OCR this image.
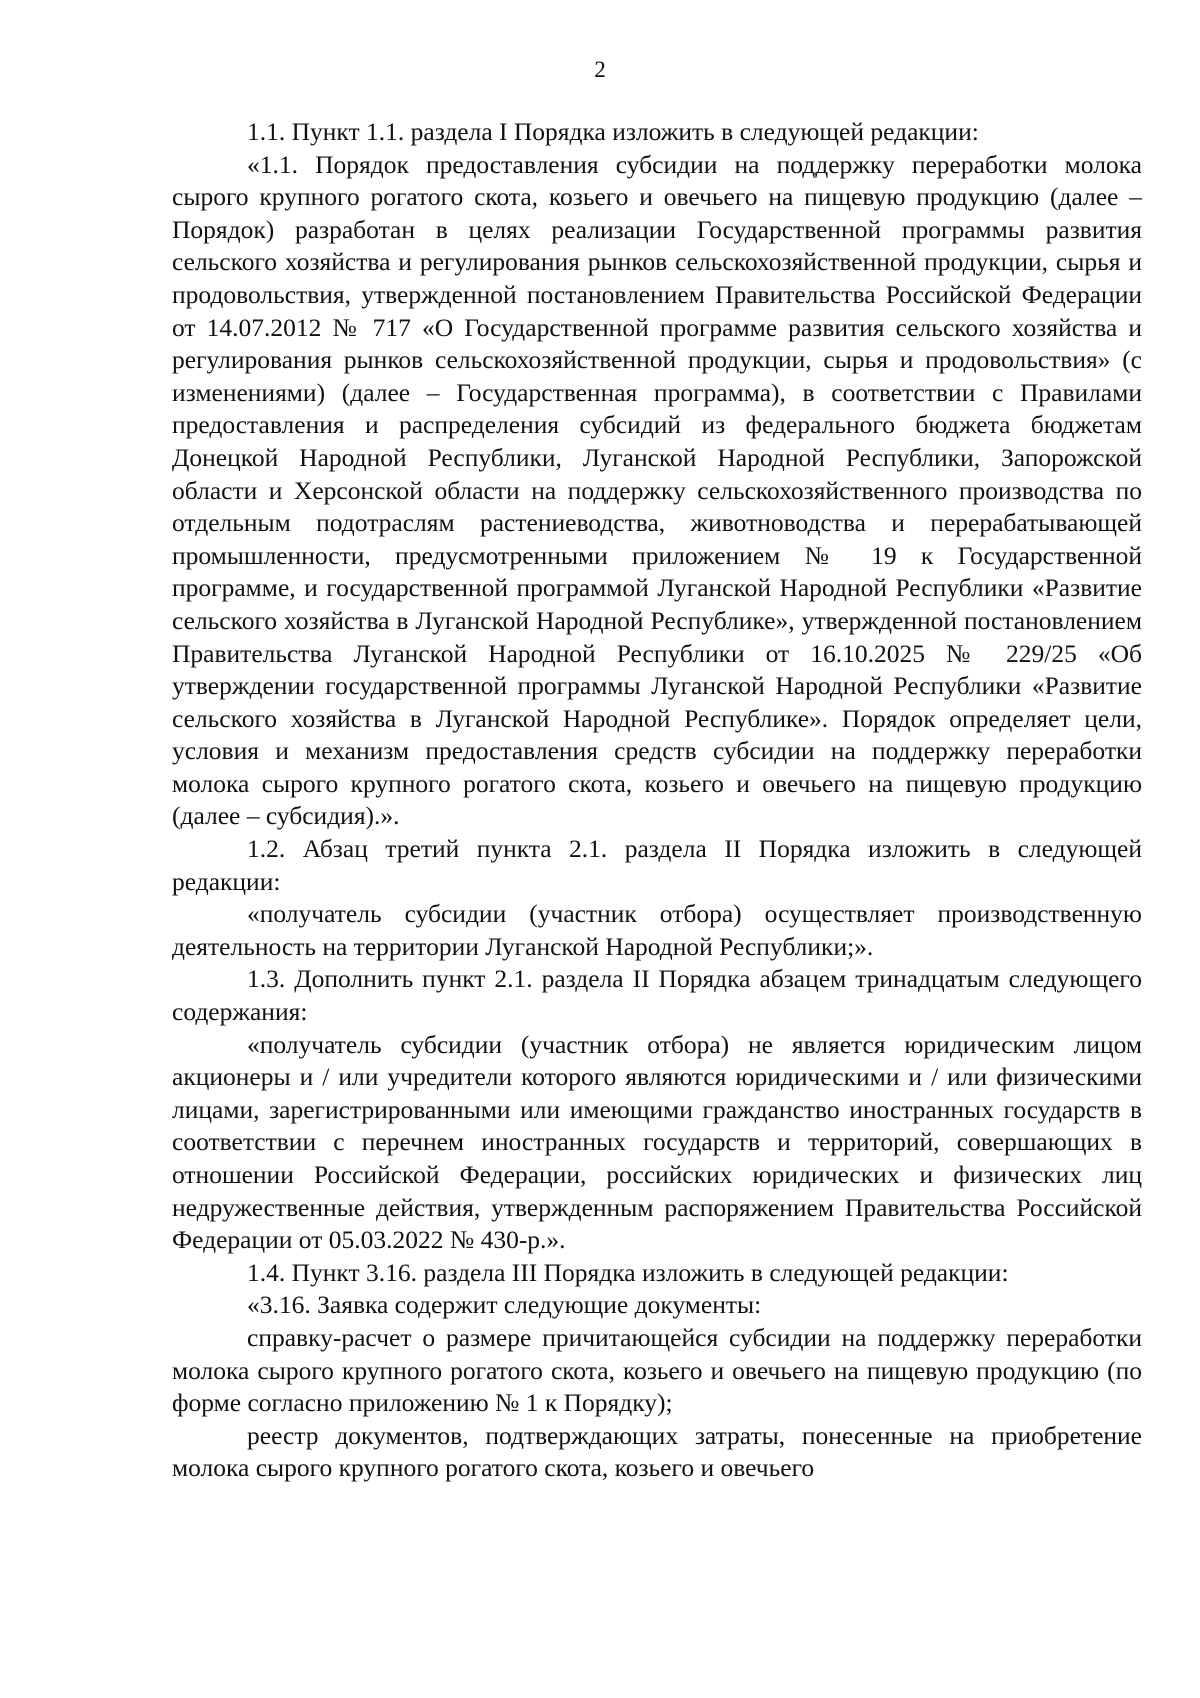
2

1.1. Пункт 1.1. раздела I Порядка изложить в следующей редакции:

«1.1. Порядок предоставления субсидии на поддержку переработки молока сырого крупного рогатого скота, козьего и овечьего на пищевую продукцию (далее – Порядок) разработан в целях реализации Государственной программы развития сельского хозяйства и регулирования рынков сельскохозяйственной продукции, сырья и продовольствия, утвержденной постановлением Правительства Российской Федерации от 14.07.2012 № 717 «О Государственной программе развития сельского хозяйства и регулирования рынков сельскохозяйственной продукции, сырья и продовольствия» (с изменениями) (далее – Государственная программа), в соответствии с Правилами предоставления и распределения субсидий из федерального бюджета бюджетам Донецкой Народной Республики, Луганской Народной Республики, Запорожской области и Херсонской области на поддержку сельскохозяйственного производства по отдельным подотраслям растениеводства, животноводства и перерабатывающей промышленности, предусмотренными приложением № 19 к Государственной программе, и государственной программой Луганской Народной Республики «Развитие сельского хозяйства в Луганской Народной Республике», утвержденной постановлением Правительства Луганской Народной Республики от 16.10.2025 № 229/25 «Об утверждении государственной программы Луганской Народной Республики «Развитие сельского хозяйства в Луганской Народной Республике». Порядок определяет цели, условия и механизм предоставления средств субсидии на поддержку переработки молока сырого крупного рогатого скота, козьего и овечьего на пищевую продукцию (далее – субсидия).».

1.2. Абзац третий пункта 2.1. раздела II Порядка изложить в следующей редакции:

«получатель субсидии (участник отбора) осуществляет производственную деятельность на территории Луганской Народной Республики;».

1.3. Дополнить пункт 2.1. раздела II Порядка абзацем тринадцатым следующего содержания:

«получатель субсидии (участник отбора) не является юридическим лицом акционеры и / или учредители которого являются юридическими и / или физическими лицами, зарегистрированными или имеющими гражданство иностранных государств в соответствии с перечнем иностранных государств и территорий, совершающих в отношении Российской Федерации, российских юридических и физических лиц недружественные действия, утвержденным распоряжением Правительства Российской Федерации от 05.03.2022 № 430-р.».

1.4. Пункт 3.16. раздела III Порядка изложить в следующей редакции:

«3.16. Заявка содержит следующие документы:

справку-расчет о размере причитающейся субсидии на поддержку переработки молока сырого крупного рогатого скота, козьего и овечьего на пищевую продукцию (по форме согласно приложению № 1 к Порядку);

реестр документов, подтверждающих затраты, понесенные на приобретение молока сырого крупного рогатого скота, козьего и овечьего
